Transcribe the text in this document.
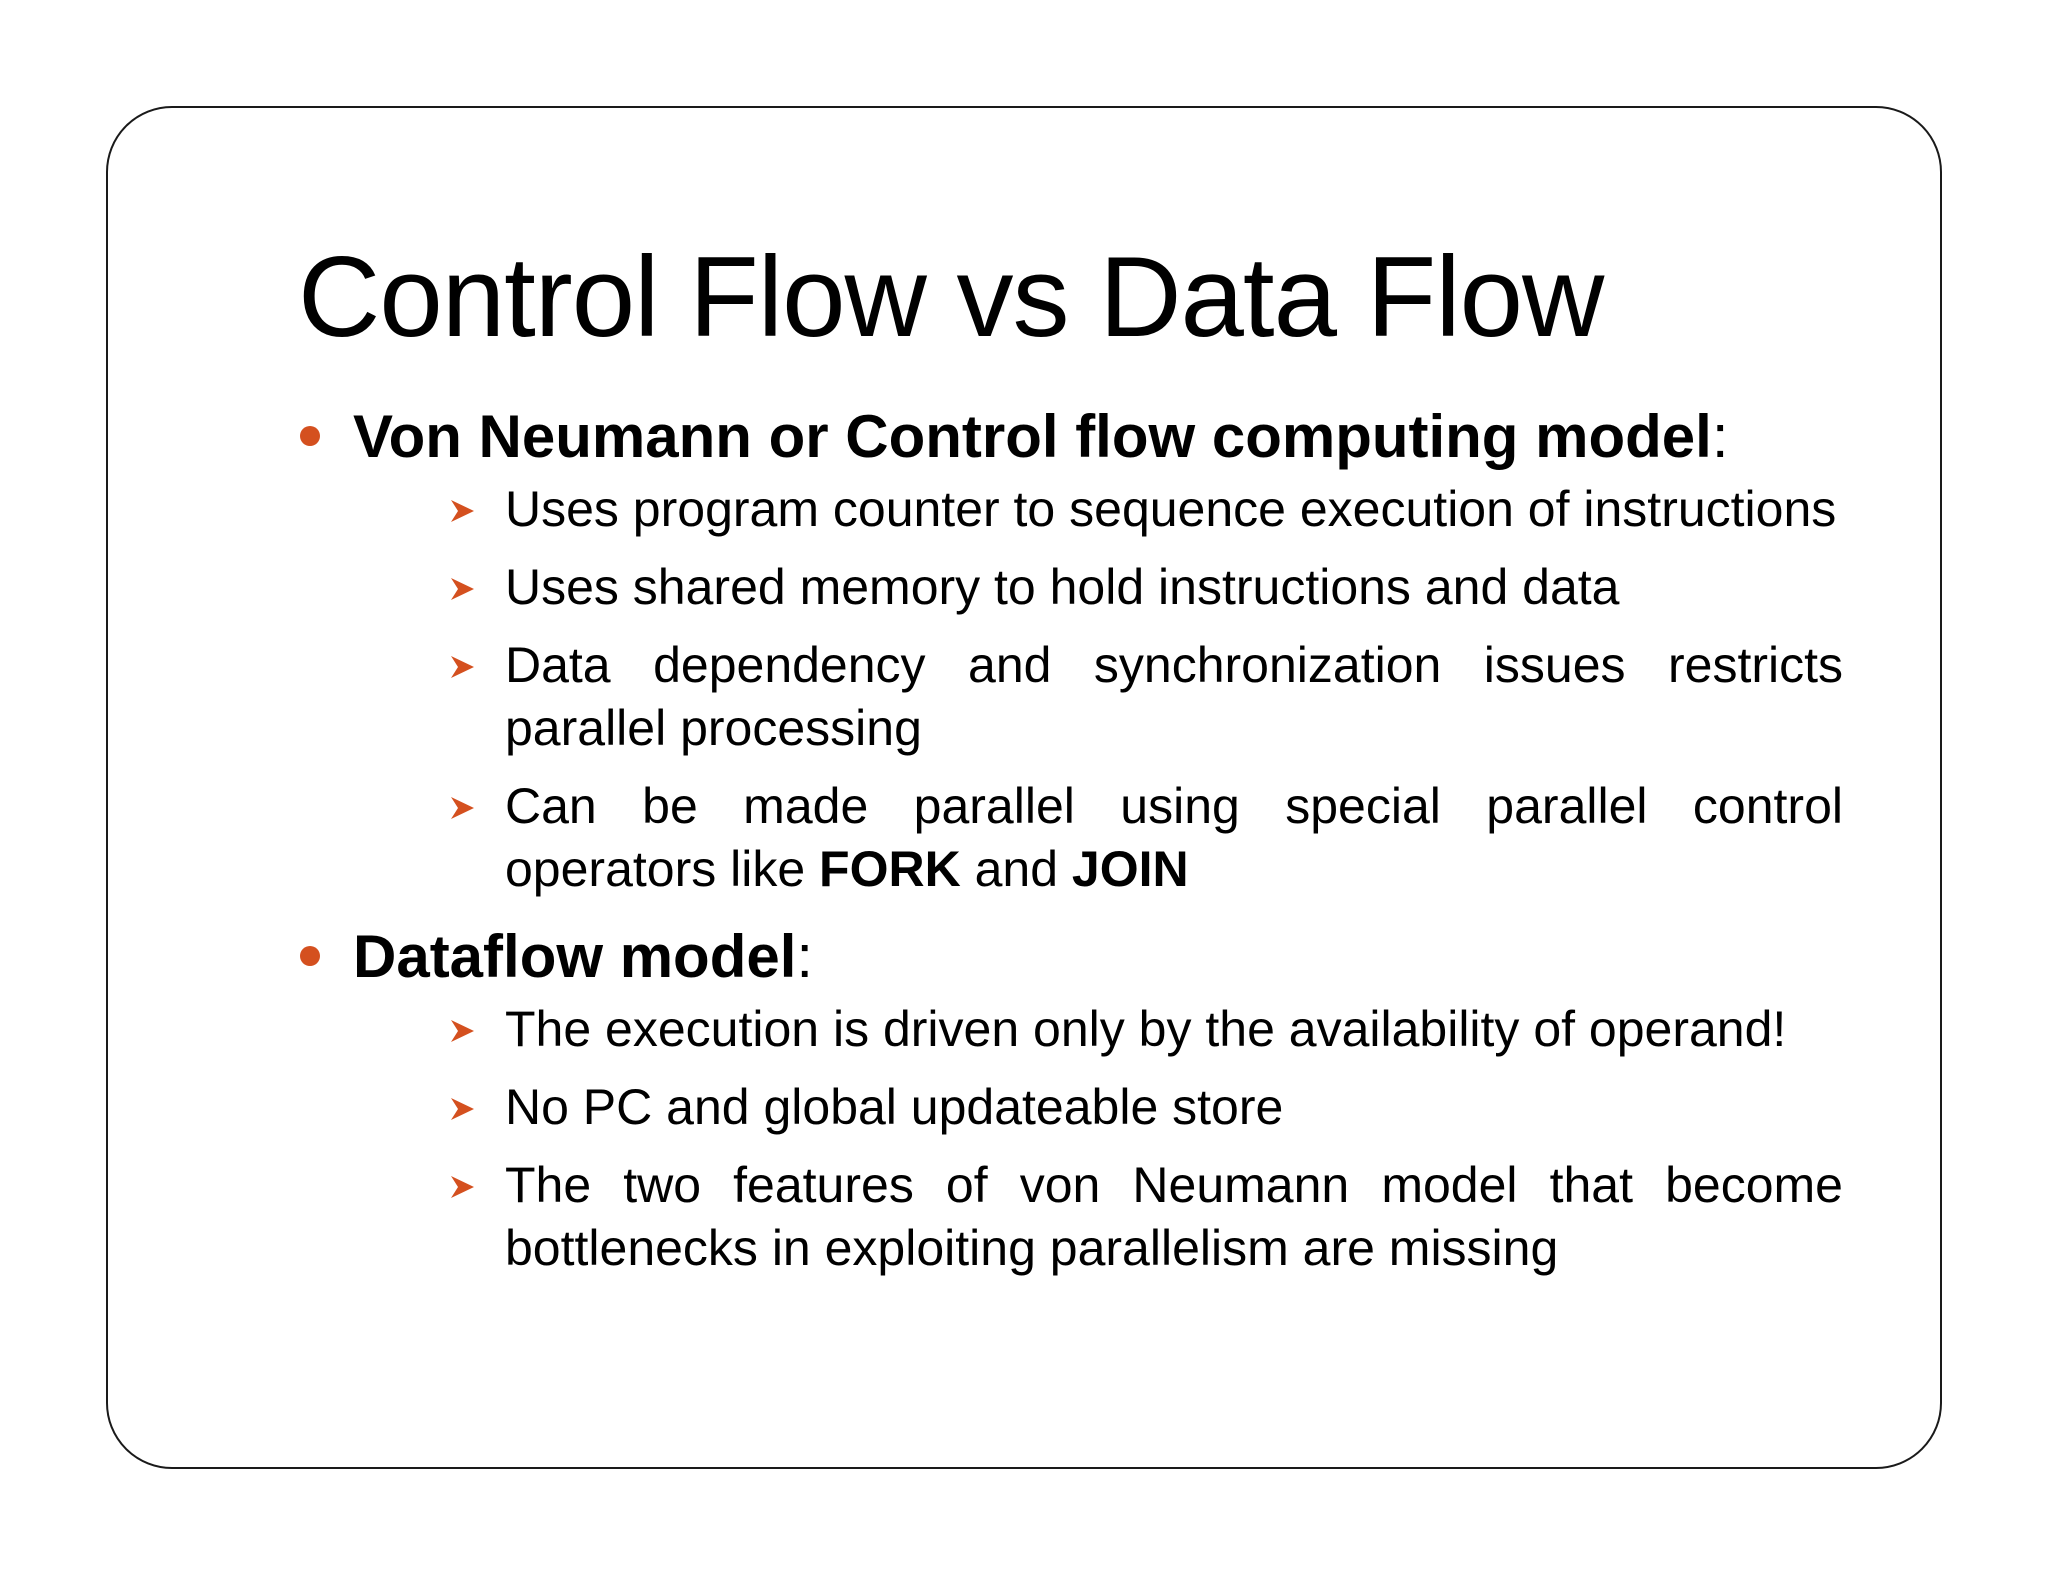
Control Flow vs Data Flow
Von Neumann or Control flow computing model:
Uses program counter to sequence execution of instructions
Uses shared memory to hold instructions and data
Data dependency and synchronization issues restricts parallel processing
Can be made parallel using special parallel control operators like FORK and JOIN
Dataflow model:
The execution is driven only by the availability of operand!
No PC and global updateable store
The two features of von Neumann model that become bottlenecks in exploiting parallelism are missing
